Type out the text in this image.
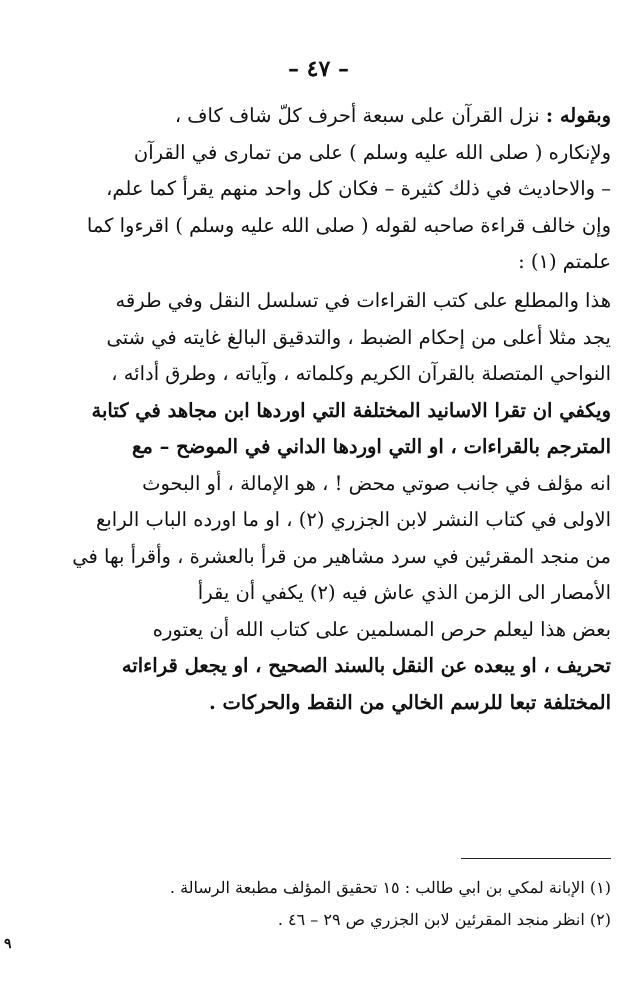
– ٤٧ –
وبقوله : نزل القرآن على سبعة أحرف كلّ شاف كاف ،
ولإنكاره ( صلى الله عليه وسلم ) على من تمارى في القرآن
– والاحاديث في ذلك كثيرة – فكان كل واحد منهم يقرأ كما علم،
وإن خالف قراءة صاحبه لقوله ( صلى الله عليه وسلم ) اقرءوا كما
علمتم (١) :
هذا والمطلع على كتب القراءات في تسلسل النقل وفي طرقه
يجد مثلا أعلى من إحكام الضبط ، والتدقيق البالغ غايته في شتى
النواحي المتصلة بالقرآن الكريم وكلماته ، وآياته ، وطرق أدائه ،
ويكفي ان تقرا الاسانيد المختلفة التي اوردها ابن مجاهد في كتابة
المترجم بالقراءات ، او التي اوردها الداني في الموضح – مع
انه مؤلف في جانب صوتي محض ! ، هو الإمالة ، أو البحوث
الاولى في كتاب النشر لابن الجزري (٢) ، او ما اورده الباب الرابع
من منجد المقرئين في سرد مشاهير من قرأ بالعشرة ، وأقرأ بها في
الأمصار الى الزمن الذي عاش فيه (٢) يكفي أن يقرأ
بعض هذا ليعلم حرص المسلمين على كتاب الله أن يعتوره
تحريف ، او يبعده عن النقل بالسند الصحيح ، او يجعل قراءاته
المختلفة تبعا للرسم الخالي من النقط والحركات .
(١) الإبانة لمكي بن ابي طالب : ١٥ تحقيق المؤلف مطبعة الرسالة .
(٢) انظر منجد المقرئين لابن الجزري ص ٢٩ – ٤٦ .
٩
